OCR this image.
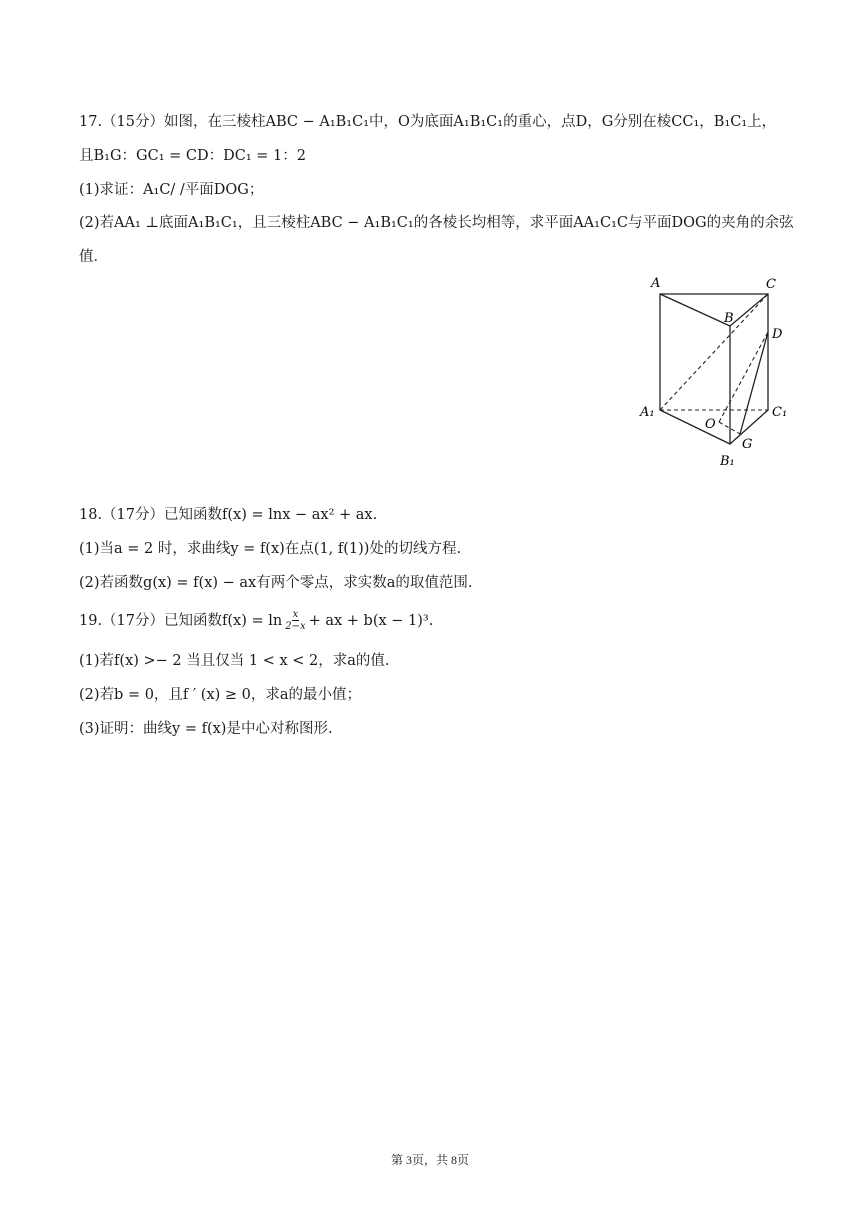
17.（15分）如图，在三棱柱ABC − A₁B₁C₁中，O为底面A₁B₁C₁的重心，点D，G分别在棱CC₁，B₁C₁上，
且B₁G：GC₁ = CD：DC₁ = 1：2
(1)求证：A₁C/ /平面DOG；
(2)若AA₁ ⊥底面A₁B₁C₁，且三棱柱ABC − A₁B₁C₁的各棱长均相等，求平面AA₁C₁C与平面DOG的夹角的余弦
值．
A	C
B
D
A₁	C₁
O
G
B₁
18.（17分）已知函数f(x) = lnx − ax² + ax.
(1)当a = 2 时，求曲线y = f(x)在点(1, f(1))处的切线方程.
(2)若函数g(x) = f(x) − ax有两个零点，求实数a的取值范围.
19.（17分）已知函数$f(x) = \ln \frac{x}{2-x}$ + ax + b(x − 1)³.
(1)若f(x) >− 2 当且仅当 1 < x < 2，求a的值.
(2)若b = 0，且f ′ (x) ≥ 0，求a的最小值；
(3)证明：曲线y = f(x)是中心对称图形.
第 3页，共 8页
